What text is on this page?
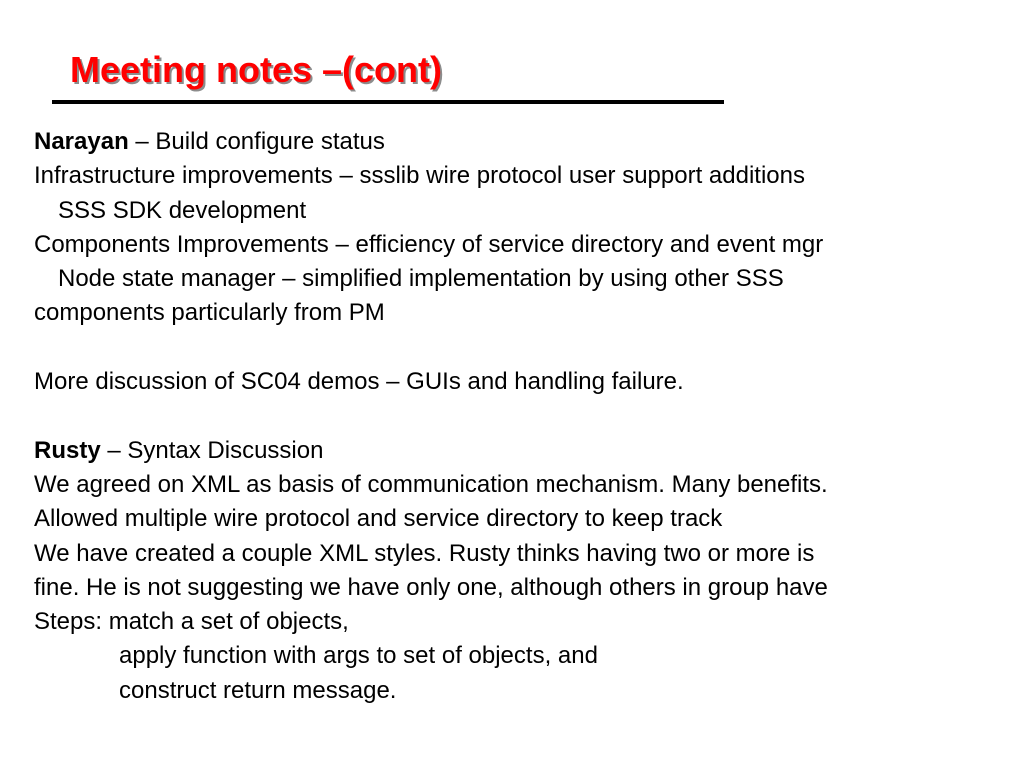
Meeting notes –(cont)
Narayan – Build configure status
Infrastructure improvements – ssslib wire protocol user support additions
SSS SDK development
Components Improvements – efficiency of service directory and event mgr
Node state manager – simplified implementation by using other SSS
components particularly from PM
More discussion of SC04 demos – GUIs and handling failure.
Rusty – Syntax Discussion
We agreed on XML as basis of communication mechanism. Many benefits.
Allowed multiple wire protocol and service directory to keep track
We have created a couple XML styles. Rusty thinks having two or more is
fine. He is not suggesting we have only one, although others in group have
Steps: match a set of objects,
apply function with args to set of objects, and
construct return message.
